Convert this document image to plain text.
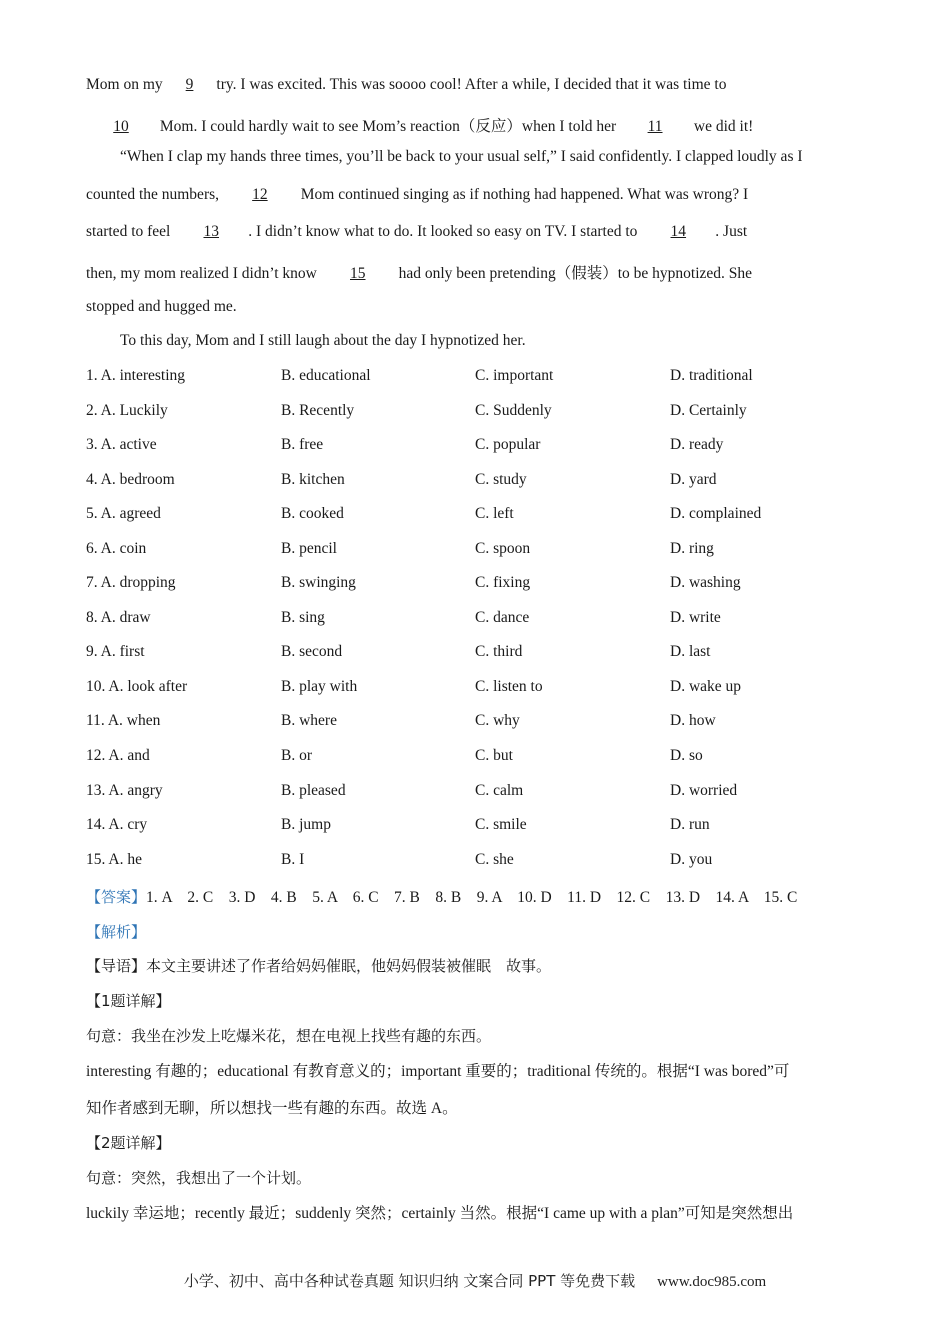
Mom on my 9 try. I was excited. This was soooo cool! After a while, I decided that it was time to
10 Mom. I could hardly wait to see Mom’s reaction（反应）when I told her 11 we did it!
“When I clap my hands three times, you’ll be back to your usual self,” I said confidently. I clapped loudly as I
counted the numbers, 12 Mom continued singing as if nothing had happened. What was wrong? I
started to feel 13 . I didn’t know what to do. It looked so easy on TV. I started to 14 . Just
then, my mom realized I didn’t know 15 had only been pretending（假装）to be hypnotized. She
stopped and hugged me.
To this day, Mom and I still laugh about the day I hypnotized her.
1. A. interesting	B. educational	C. important	D. traditional
2. A. Luckily	B. Recently	C. Suddenly	D. Certainly
3. A. active	B. free	C. popular	D. ready
4. A. bedroom	B. kitchen	C. study	D. yard
5. A. agreed	B. cooked	C. left	D. complained
6. A. coin	B. pencil	C. spoon	D. ring
7. A. dropping	B. swinging	C. fixing	D. washing
8. A. draw	B. sing	C. dance	D. write
9. A. first	B. second	C. third	D. last
10. A. look after	B. play with	C. listen to	D. wake up
11. A. when	B. where	C. why	D. how
12. A. and	B. or	C. but	D. so
13. A. angry	B. pleased	C. calm	D. worried
14. A. cry	B. jump	C. smile	D. run
15. A. he	B. I	C. she	D. you
【答案】1. A　2. C　3. D　4. B　5. A　6. C　7. B　8. B　9. A　10. D　11. D　12. C　13. D　14. A　15. C
【解析】
【导语】本文主要讲述了作者给妈妈催眠，他妈妈假装被催眠　故事。
【1题详解】
句意：我坐在沙发上吃爆米花，想在电视上找些有趣的东西。
interesting 有趣的；educational 有教育意义的；important 重要的；traditional 传统的。根据“I was bored”可
知作者感到无聊，所以想找一些有趣的东西。故选 A。
【2题详解】
句意：突然，我想出了一个计划。
luckily 幸运地；recently 最近；suddenly 突然；certainly 当然。根据“I came up with a plan”可知是突然想出
小学、初中、高中各种试卷真题 知识归纳 文案合同 PPT 等免费下载 www.doc985.com
